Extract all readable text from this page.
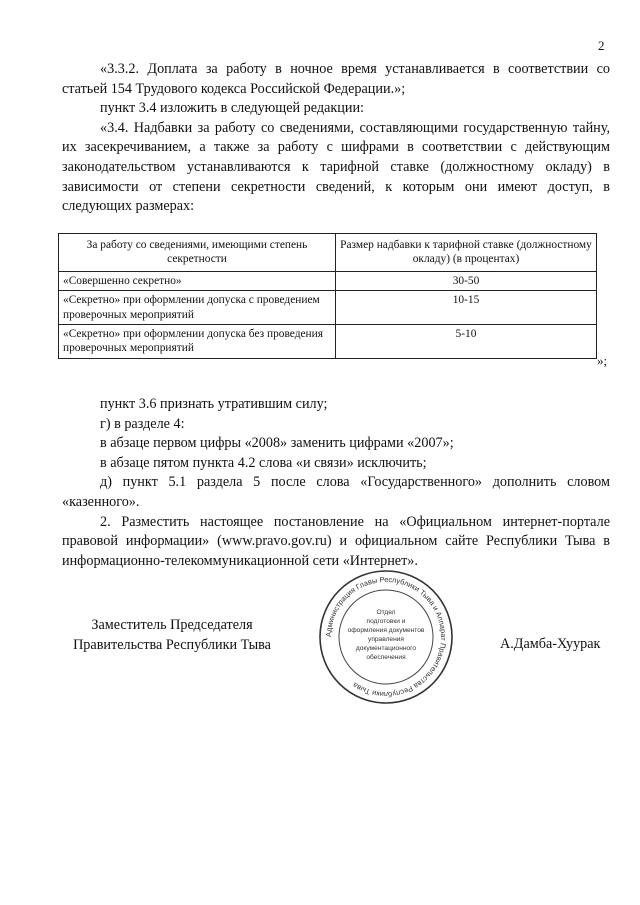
2

«3.3.2. Доплата за работу в ночное время устанавливается в соответствии со статьей 154 Трудового кодекса Российской Федерации.»;

пункт 3.4 изложить в следующей редакции:

«3.4. Надбавки за работу со сведениями, составляющими государственную тайну, их засекречиванием, а также за работу с шифрами в соответствии с действующим законодательством устанавливаются к тарифной ставке (должностному окладу) в зависимости от степени секретности сведений, к которым они имеют доступ, в следующих размерах:

За работу со сведениями, имеющими степень секретности	Размер надбавки к тарифной ставке (должностному окладу) (в процентах)
«Совершенно секретно»	30-50
«Секретно» при оформлении допуска с проведением проверочных мероприятий	10-15
«Секретно» при оформлении допуска без проведения проверочных мероприятий	5-10
»;

пункт 3.6 признать утратившим силу;

г) в разделе 4:

в абзаце первом цифры «2008» заменить цифрами «2007»;

в абзаце пятом пункта 4.2 слова «и связи» исключить;

д) пункт 5.1 раздела 5 после слова «Государственного» дополнить словом «казенного».

2. Разместить настоящее постановление на «Официальном интернет-портале правовой информации» (www.pravo.gov.ru) и официальном сайте Республики Тыва в информационно-телекоммуникационной сети «Интернет».

Заместитель Председателя
Правительства Республики Тыва
Администрация Главы Республики Тыва и Аппарат Правительства Республики Тыва
Отдел
подготовки и
оформления документов
управления
документационного
обеспечения
А.Дамба-Хуурак
